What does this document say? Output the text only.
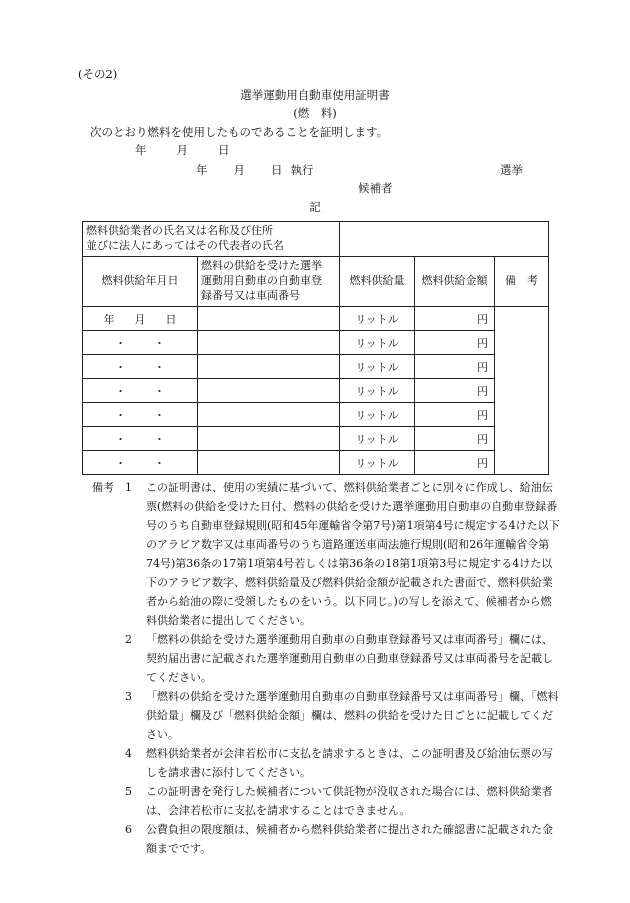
(その2)
選挙運動用自動車使用証明書
(燃　料)
次のとおり燃料を使用したものであることを証明します。
年	月	日
年 月 日 執行	選挙
候補者
記
燃料供給業者の氏名又は名称及び住所
並びに法人にあってはその代表者の氏名				

燃料供給年月日	燃料の供給を受けた選挙
運動用自動車の自動車登
録番号又は車両番号	燃料供給量	燃料供給金額	備　考
年 月 日		リットル	円	
・ ・		リットル	円	
・ ・		リットル	円	
・ ・		リットル	円	
・ ・		リットル	円	
・ ・		リットル	円	
・ ・		リットル	円	
備考 1 この証明書は、使用の実績に基づいて、燃料供給業者ごとに別々に作成し、給油伝票(燃料の供給を受けた日付、燃料の供給を受けた選挙運動用自動車の自動車登録番号のうち自動車登録規則(昭和45年運輸省令第7号)第1項第4号に規定する4けた以下のアラビア数字又は車両番号のうち道路運送車両法施行規則(昭和26年運輸省令第74号)第36条の17第1項第4号若しくは第36条の18第1項第3号に規定する4けた以下のアラビア数字、燃料供給量及び燃料供給金額が記載された書面で、燃料供給業者から給油の際に受領したものをいう。以下同じ。)の写しを添えて、候補者から燃料供給業者に提出してください。
2 「燃料の供給を受けた選挙運動用自動車の自動車登録番号又は車両番号」欄には、契約届出書に記載された選挙運動用自動車の自動車登録番号又は車両番号を記載してください。
3 「燃料の供給を受けた選挙運動用自動車の自動車登録番号又は車両番号」欄、「燃料供給量」欄及び「燃料供給金額」欄は、燃料の供給を受けた日ごとに記載してください。
4 燃料供給業者が会津若松市に支払を請求するときは、この証明書及び給油伝票の写しを請求書に添付してください。
5 この証明書を発行した候補者について供託物が没収された場合には、燃料供給業者は、会津若松市に支払を請求することはできません。
6 公費負担の限度額は、候補者から燃料供給業者に提出された確認書に記載された金額までです。
